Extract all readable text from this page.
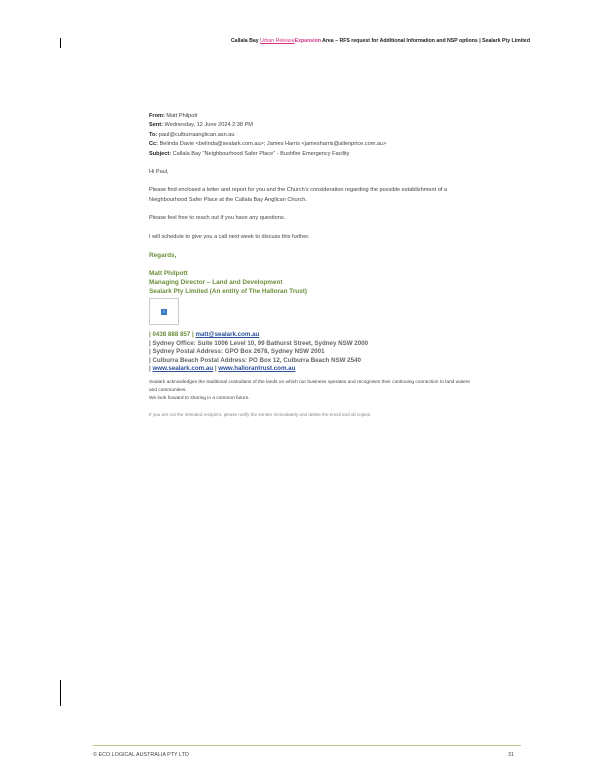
Callala Bay Urban ReleaseExpansion Area – RFS request for Additional Information and NSP options | Sealark Pty Limited
From: Matt Philpott
Sent: Wednesday, 12 June 2024 2:38 PM
To: paul@culburraanglican.asn.au
Cc: Belinda Davie <belinda@sealark.com.au>; James Harris <jamesharris@allenprice.com.au>
Subject: Callala Bay "Neighbourhood Safer Place" - Bushfire Emergency Facility
Hi Paul,
Please find enclosed a letter and report for you and the Church's consideration regarding the possible establishment of a Neighbourhood Safer Place at the Callala Bay Anglican Church.
Please feel free to reach out if you have any questions.
I will schedule to give you a call next week to discuss this further.
Regards,
Matt Philpott
Managing Director – Land and Development
Sealark Pty Limited (An entity of The Halloran Trust)
?
| 0438 888 857 | matt@sealark.com.au
| Sydney Office: Suite 1006 Level 10, 99 Bathurst Street, Sydney NSW 2000
| Sydney Postal Address: GPO Box 2678, Sydney NSW 2001
| Culburra Beach Postal Address: PO Box 12, Culburra Beach NSW 2540
| www.sealark.com.au | www.hallorantrust.com.au
Sealark acknowledges the traditional custodians of the lands on which our business operates and recognises their continuing connection to land waters and communities.
We look forward to sharing in a common future.
If you are not the intended recipient, please notify the sender immediately and delete the email and all copies.
© ECO LOGICAL AUSTRALIA PTY LTD	31
